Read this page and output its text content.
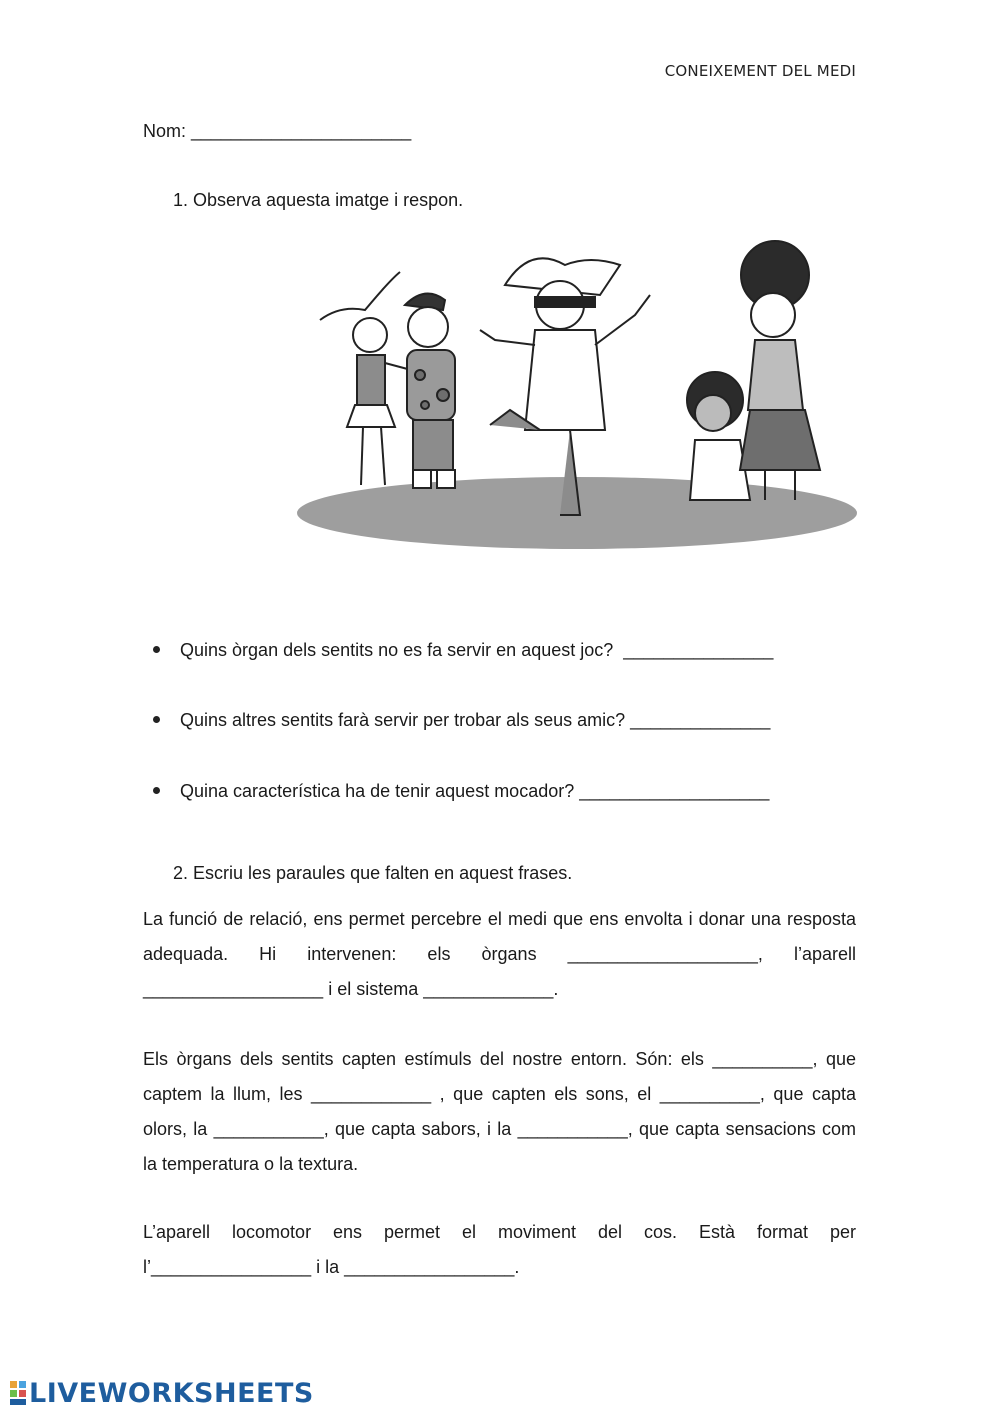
CONEIXEMENT DEL MEDI
Nom: ______________________
1. Observa aquesta imatge i respon.

Quins òrgan dels sentits no es fa servir en aquest joc?  _______________

Quins altres sentits farà servir per trobar als seus amic? ______________

Quina característica ha de tenir aquest mocador? ___________________

2. Escriu les paraules que falten en aquest frases.
La funció de relació, ens permet percebre el medi que ens envolta i donar una resposta adequada. Hi intervenen: els òrgans ___________________, l’aparell __________________ i el sistema _____________.
Els òrgans dels sentits capten estímuls del nostre entorn. Són: els __________, que captem la llum, les ____________ , que capten els sons, el __________, que capta olors, la ___________, que capta sabors, i la ___________, que capta sensacions com la temperatura o la textura.
L’aparell locomotor ens permet el moviment del cos. Està format per l’________________ i la _________________.
LIVEWORKSHEETS
